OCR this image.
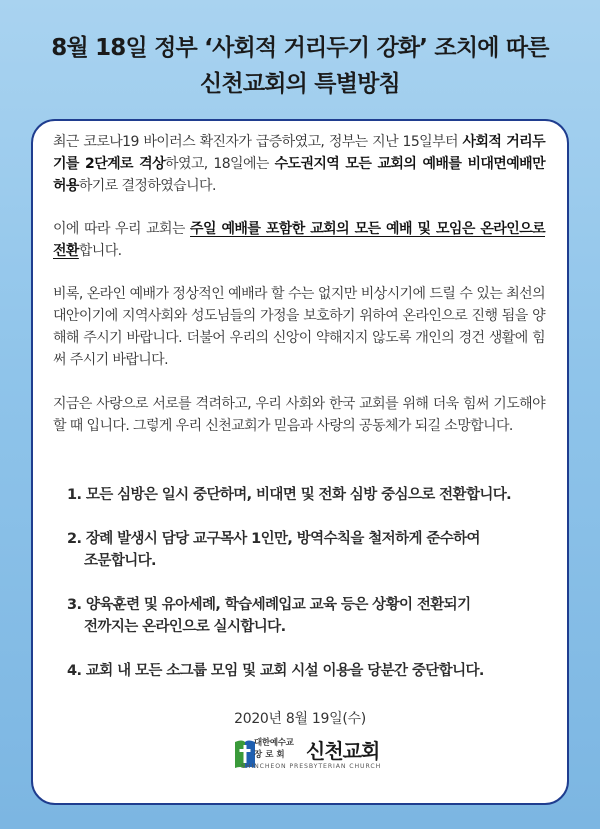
8월 18일 정부 ‘사회적 거리두기 강화’ 조치에 따른
신천교회의 특별방침
최근 코로나19 바이러스 확진자가 급증하였고, 정부는 지난 15일부터 사회적 거리두기를 2단계로 격상하였고, 18일에는 수도권지역 모든 교회의 예배를 비대면예배만 허용하기로 결정하였습니다.
이에 따라 우리 교회는 주일 예배를 포함한 교회의 모든 예배 및 모임은 온라인으로 전환합니다.
비록, 온라인 예배가 정상적인 예배라 할 수는 없지만 비상시기에 드릴 수 있는 최선의 대안이기에 지역사회와 성도님들의 가정을 보호하기 위하여 온라인으로 진행 됨을 양해해 주시기 바랍니다. 더불어 우리의 신앙이 약해지지 않도록 개인의 경건 생활에 힘써 주시기 바랍니다.
지금은 사랑으로 서로를 격려하고, 우리 사회와 한국 교회를 위해 더욱 힘써 기도해야 할 때 입니다. 그렇게 우리 신천교회가 믿음과 사랑의 공동체가 되길 소망합니다.
1. 모든 심방은 일시 중단하며, 비대면 및 전화 심방 중심으로 전환합니다.
2. 장례 발생시 담당 교구목사 1인만, 방역수칙을 철저하게 준수하여
조문합니다.
3. 양육훈련 및 유아세례, 학습세례입교 교육 등은 상황이 전환되기
전까지는 온라인으로 실시합니다.
4. 교회 내 모든 소그룹 모임 및 교회 시설 이용을 당분간 중단합니다.
2020년 8월 19일(수)
대한예수교
장로회 신천교회
SHINCHEON PRESBYTERIAN CHURCH
